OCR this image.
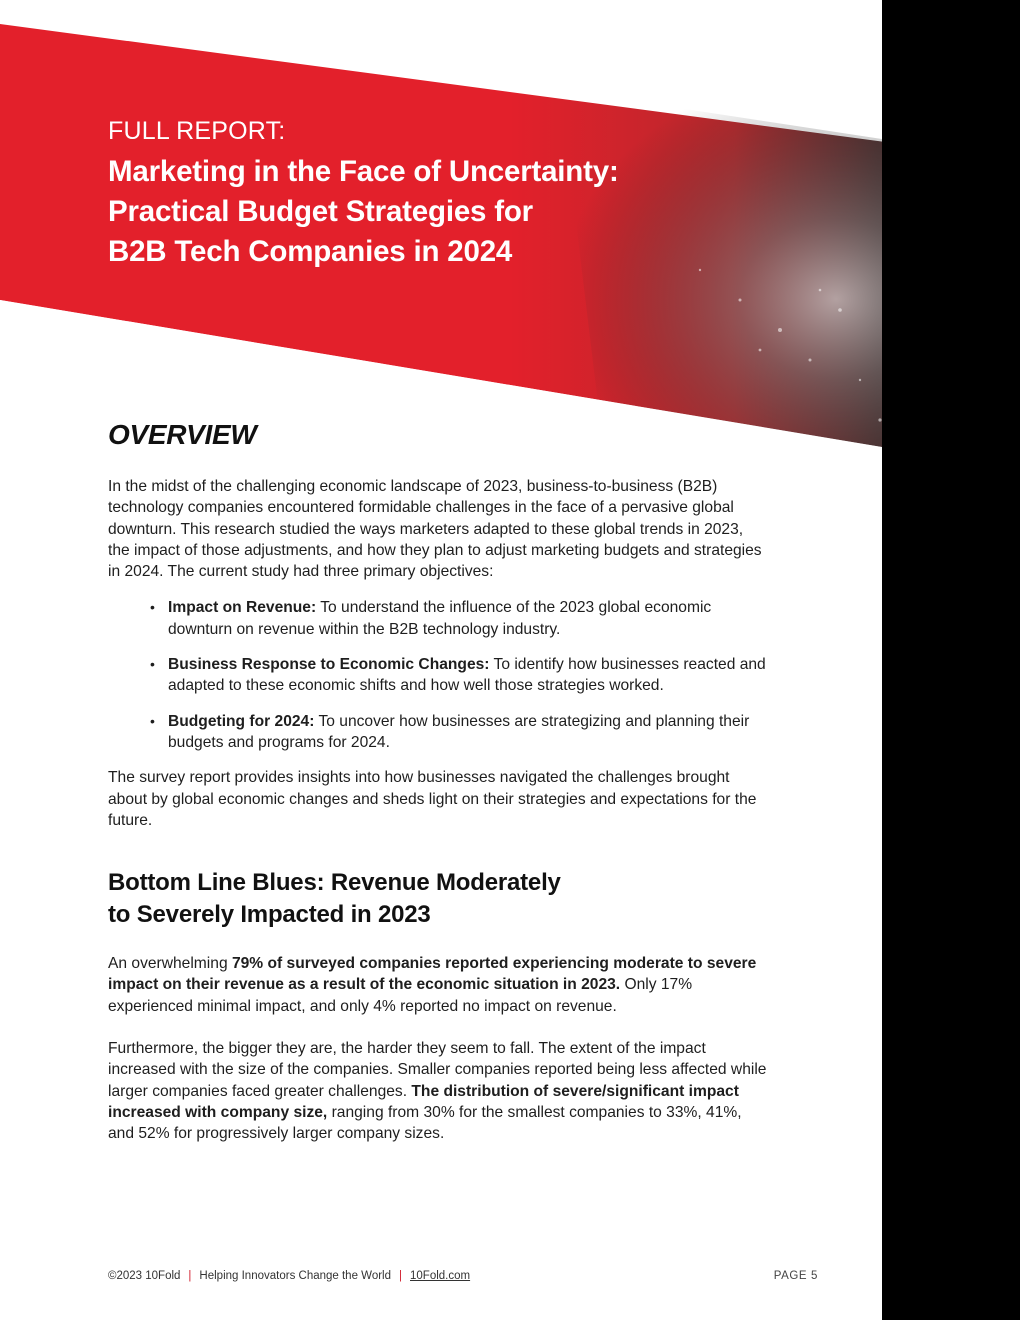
FULL REPORT:
Marketing in the Face of Uncertainty:
Practical Budget Strategies for
B2B Tech Companies in 2024
OVERVIEW

In the midst of the challenging economic landscape of 2023, business-to-business (B2B) technology companies encountered formidable challenges in the face of a pervasive global downturn. This research studied the ways marketers adapted to these global trends in 2023, the impact of those adjustments, and how they plan to adjust marketing budgets and strategies in 2024. The current study had three primary objectives:

• Impact on Revenue: To understand the influence of the 2023 global economic downturn on revenue within the B2B technology industry.
• Business Response to Economic Changes: To identify how businesses reacted and adapted to these economic shifts and how well those strategies worked.
• Budgeting for 2024: To uncover how businesses are strategizing and planning their budgets and programs for 2024.

The survey report provides insights into how businesses navigated the challenges brought about by global economic changes and sheds light on their strategies and expectations for the future.

Bottom Line Blues: Revenue Moderately
to Severely Impacted in 2023

An overwhelming 79% of surveyed companies reported experiencing moderate to severe impact on their revenue as a result of the economic situation in 2023. Only 17% experienced minimal impact, and only 4% reported no impact on revenue.

Furthermore, the bigger they are, the harder they seem to fall. The extent of the impact increased with the size of the companies. Smaller companies reported being less affected while larger companies faced greater challenges. The distribution of severe/significant impact increased with company size, ranging from 30% for the smallest companies to 33%, 41%, and 52% for progressively larger company sizes.

©2023 10Fold | Helping Innovators Change the World | 10Fold.com	PAGE 5
